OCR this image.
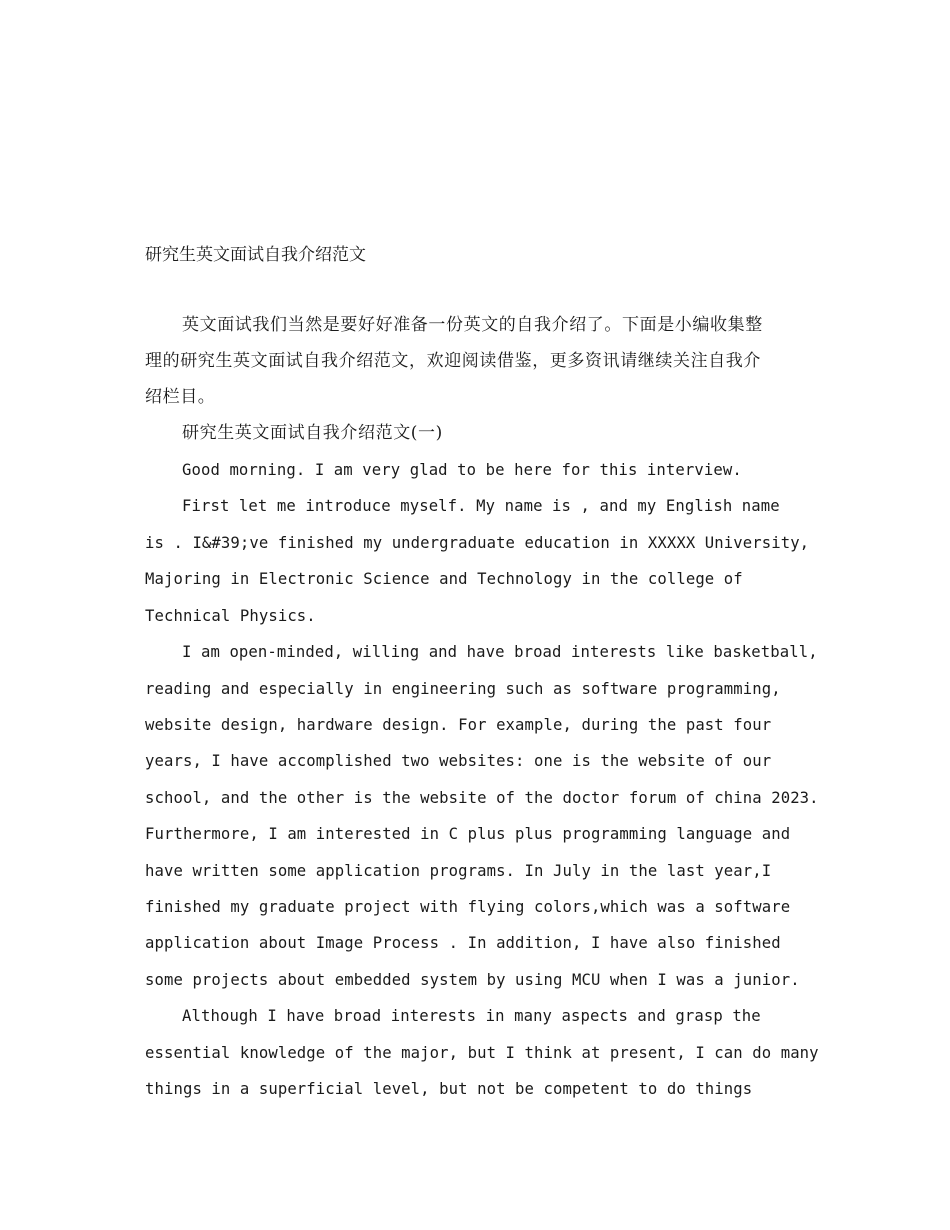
研究生英文面试自我介绍范文
英文面试我们当然是要好好准备一份英文的自我介绍了。下面是小编收集整
理的研究生英文面试自我介绍范文，欢迎阅读借鉴，更多资讯请继续关注自我介
绍栏目。
研究生英文面试自我介绍范文(一)
Good morning. I am very glad to be here for this interview.
First let me introduce myself. My name is , and my English name
is . I&#39;ve finished my undergraduate education in XXXXX University,
Majoring in Electronic Science and Technology in the college of
Technical Physics.
I am open-minded, willing and have broad interests like basketball,
reading and especially in engineering such as software programming,
website design, hardware design. For example, during the past four
years, I have accomplished two websites: one is the website of our
school, and the other is the website of the doctor forum of china 2023.
Furthermore, I am interested in C plus plus programming language and
have written some application programs. In July in the last year,I
finished my graduate project with flying colors,which was a software
application about Image Process . In addition, I have also finished
some projects about embedded system by using MCU when I was a junior.
Although I have broad interests in many aspects and grasp the
essential knowledge of the major, but I think at present, I can do many
things in a superficial level, but not be competent to do things
